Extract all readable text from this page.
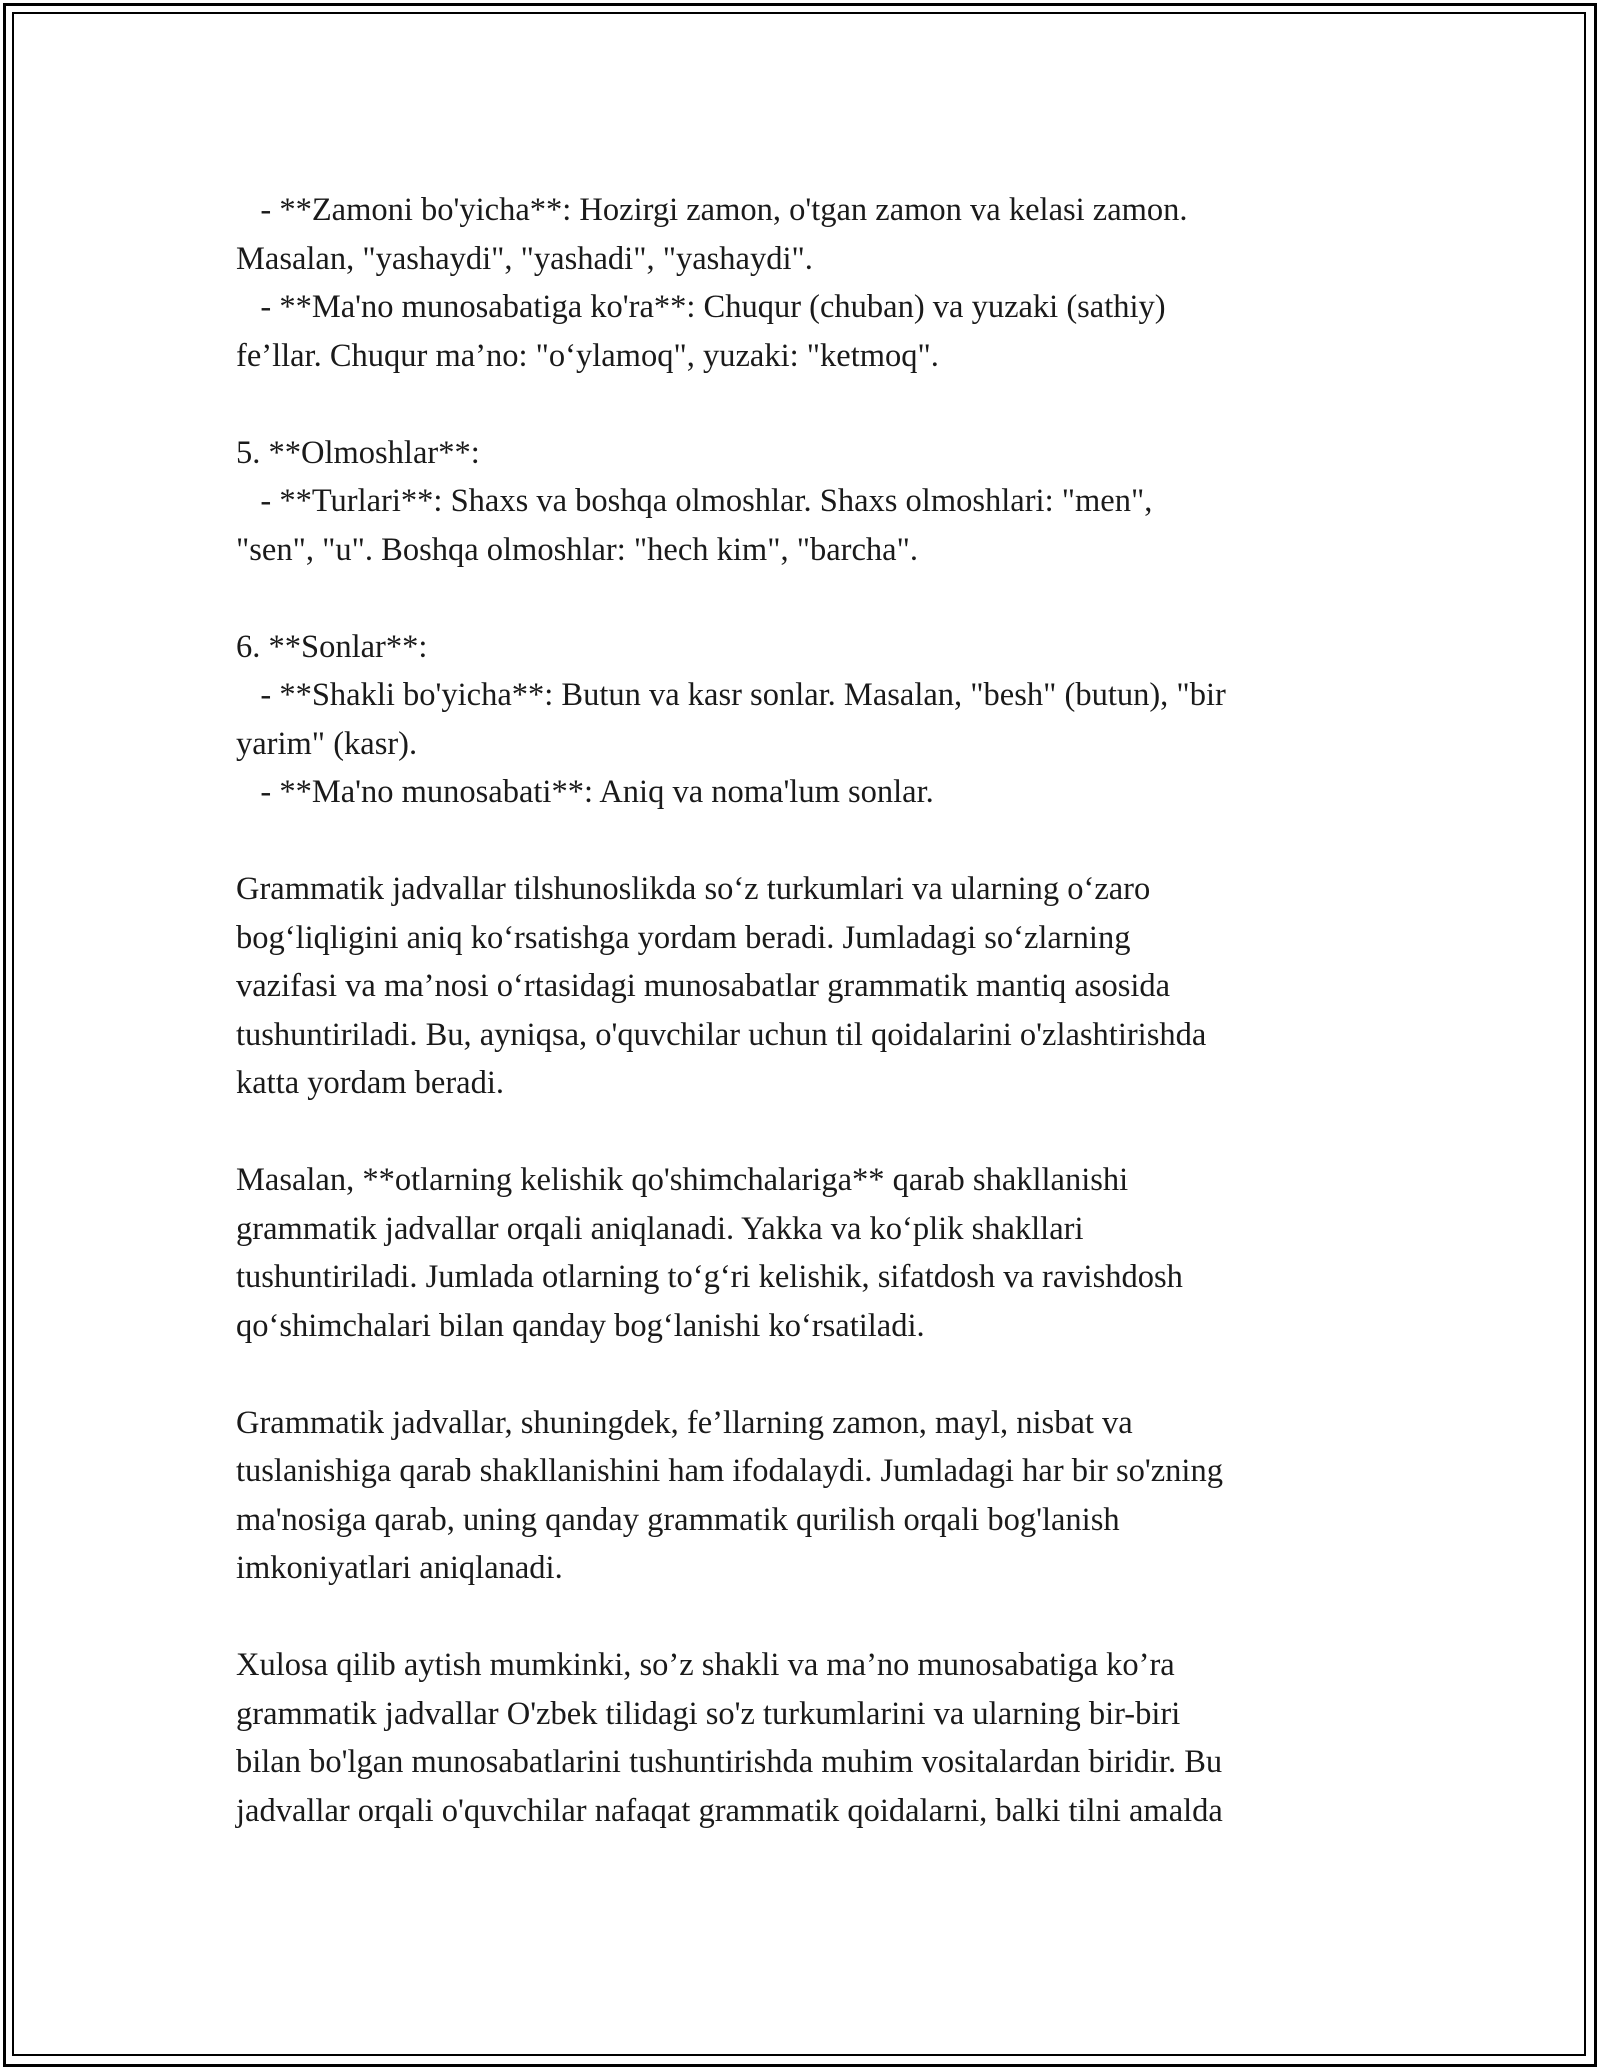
- **Zamoni bo'yicha**: Hozirgi zamon, o'tgan zamon va kelasi zamon.
Masalan, "yashaydi", "yashadi", "yashaydi".
- **Ma'no munosabatiga ko'ra**: Chuqur (chuban) va yuzaki (sathiy)
fe’llar. Chuqur ma’no: "o‘ylamoq", yuzaki: "ketmoq".
5. **Olmoshlar**:
- **Turlari**: Shaxs va boshqa olmoshlar. Shaxs olmoshlari: "men",
"sen", "u". Boshqa olmoshlar: "hech kim", "barcha".
6. **Sonlar**:
- **Shakli bo'yicha**: Butun va kasr sonlar. Masalan, "besh" (butun), "bir
yarim" (kasr).
- **Ma'no munosabati**: Aniq va noma'lum sonlar.
Grammatik jadvallar tilshunoslikda so‘z turkumlari va ularning o‘zaro
bog‘liqligini aniq ko‘rsatishga yordam beradi. Jumladagi so‘zlarning
vazifasi va ma’nosi o‘rtasidagi munosabatlar grammatik mantiq asosida
tushuntiriladi. Bu, ayniqsa, o'quvchilar uchun til qoidalarini o'zlashtirishda
katta yordam beradi.
Masalan, **otlarning kelishik qo'shimchalariga** qarab shakllanishi
grammatik jadvallar orqali aniqlanadi. Yakka va ko‘plik shakllari
tushuntiriladi. Jumlada otlarning to‘g‘ri kelishik, sifatdosh va ravishdosh
qo‘shimchalari bilan qanday bog‘lanishi ko‘rsatiladi.
Grammatik jadvallar, shuningdek, fe’llarning zamon, mayl, nisbat va
tuslanishiga qarab shakllanishini ham ifodalaydi. Jumladagi har bir so'zning
ma'nosiga qarab, uning qanday grammatik qurilish orqali bog'lanish
imkoniyatlari aniqlanadi.
Xulosa qilib aytish mumkinki, so’z shakli va ma’no munosabatiga ko’ra
grammatik jadvallar O'zbek tilidagi so'z turkumlarini va ularning bir-biri
bilan bo'lgan munosabatlarini tushuntirishda muhim vositalardan biridir. Bu
jadvallar orqali o'quvchilar nafaqat grammatik qoidalarni, balki tilni amalda
